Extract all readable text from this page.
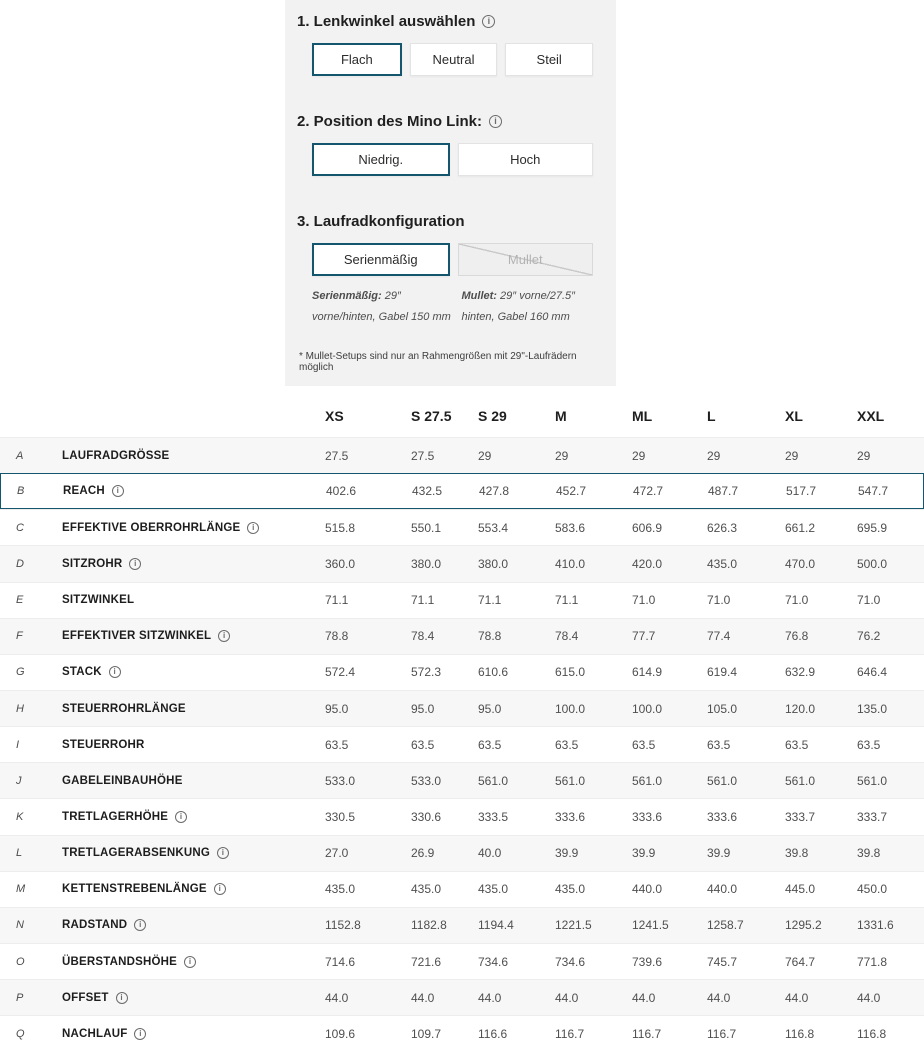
1. Lenkwinkel auswählen	i
Flach	Neutral	Steil
2. Position des Mino Link:	i
Niedrig.	Hoch
3. Laufradkonfiguration
Serienmäßig	Mullet
Serienmäßig: 29″ vorne/hinten, Gabel 150 mm
Mullet: 29″ vorne/27.5″ hinten, Gabel 160 mm
* Mullet-Setups sind nur an Rahmengrößen mit 29"-Laufrädern möglich
XS	S 27.5	S 29	M	ML	L	XL	XXL
A	LAUFRADGRÖSSE	27.5	27.5	29	29	29	29	29	29
B	REACH	i	402.6	432.5	427.8	452.7	472.7	487.7	517.7	547.7
C	EFFEKTIVE OBERROHRLÄNGE	i	515.8	550.1	553.4	583.6	606.9	626.3	661.2	695.9
D	SITZROHR	i	360.0	380.0	380.0	410.0	420.0	435.0	470.0	500.0
E	SITZWINKEL	71.1	71.1	71.1	71.1	71.0	71.0	71.0	71.0
F	EFFEKTIVER SITZWINKEL	i	78.8	78.4	78.8	78.4	77.7	77.4	76.8	76.2
G	STACK	i	572.4	572.3	610.6	615.0	614.9	619.4	632.9	646.4
H	STEUERROHRLÄNGE	95.0	95.0	95.0	100.0	100.0	105.0	120.0	135.0
I	STEUERROHR	63.5	63.5	63.5	63.5	63.5	63.5	63.5	63.5
J	GABELEINBAUHÖHE	533.0	533.0	561.0	561.0	561.0	561.0	561.0	561.0
K	TRETLAGERHÖHE	i	330.5	330.6	333.5	333.6	333.6	333.6	333.7	333.7
L	TRETLAGERABSENKUNG	i	27.0	26.9	40.0	39.9	39.9	39.9	39.8	39.8
M	KETTENSTREBENLÄNGE	i	435.0	435.0	435.0	435.0	440.0	440.0	445.0	450.0
N	RADSTAND	i	1152.8	1182.8	1194.4	1221.5	1241.5	1258.7	1295.2	1331.6
O	ÜBERSTANDSHÖHE	i	714.6	721.6	734.6	734.6	739.6	745.7	764.7	771.8
P	OFFSET	i	44.0	44.0	44.0	44.0	44.0	44.0	44.0	44.0
Q	NACHLAUF	i	109.6	109.7	116.6	116.7	116.7	116.7	116.8	116.8
